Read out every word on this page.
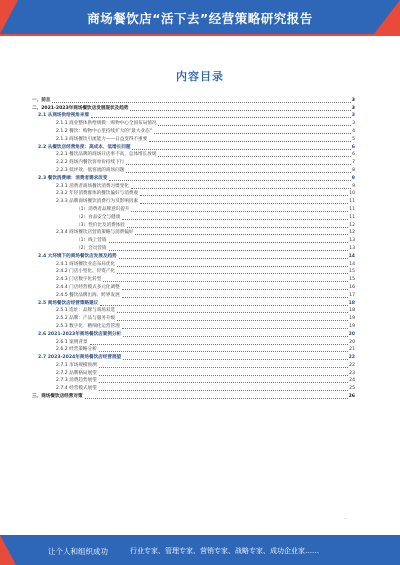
商场餐饮店“活下去”经营策略研究报告
内容目录
一、前言	3
二、2021-2023年商场餐饮店发展现状及趋势	3
2.1 从商场供给视角来看	3
2.1.1 商业整体供给规模：购物中心全国布局情况	3
2.1.2 餐饮：购物中心里持续扩大的“最大业态”	4
2.1.3 商场餐饮引流能力——日益变得不重要	5
2.2 从餐饮店经营角度：高成本、低增长问题	6
2.2.1 餐饮品牌的商场开店率不高，总体增长放缓	6
2.2.2 商场内餐饮客单价持续下行	7
2.2.3 低坪效、低客流的商场问题	8
2.3 餐饮消费端：消费者需求改变	9
2.3.1 消费者商场餐饮消费习惯变化	9
2.3.2 年轻消费群体的餐饮偏好与消费观	10
2.3.3 品牌商场餐饮消费行为及影响因素	11
（1）消费者品牌意识提升	11
（2）食品安全与健康	11
（3）性价比及消费体验	12
2.3.4 商场餐饮店营销策略与消费偏好	12
（1）线上营销	13
（2）会员营销	13
2.4 大环境下的商场餐饮店发展及趋势	14
2.4.1 商场餐饮业态布局优化	14
2.4.2 门店小型化、轻资产化	15
2.4.3 门店数字化转型	15
2.4.4 门店经营模式多元化调整	16
2.4.5 餐饮品牌出海、跨界发展	17
2.5 商场餐饮店经营策略建议	18
2.5.1 选址：品牌与商场双选	18
2.5.2 品牌：产品与服务升级	19
2.5.3 数字化：精细化运营管理	19
2.6 2021-2023年商场餐饮店案例分析	20
2.6.1 案例背景	20
2.6.2 经营策略分析	21
2.7 2023-2024年商场餐饮店经营展望	22
2.7.1 市场规模预测	22
2.7.2 品牌格局展望	23
2.7.3 消费趋势展望	24
2.7.4 经营模式展望	25
三、商场餐饮店经营对策	26
·
让个人和组织成功	行业专家、管理专家、营销专家、战略专家、成功企业家……
